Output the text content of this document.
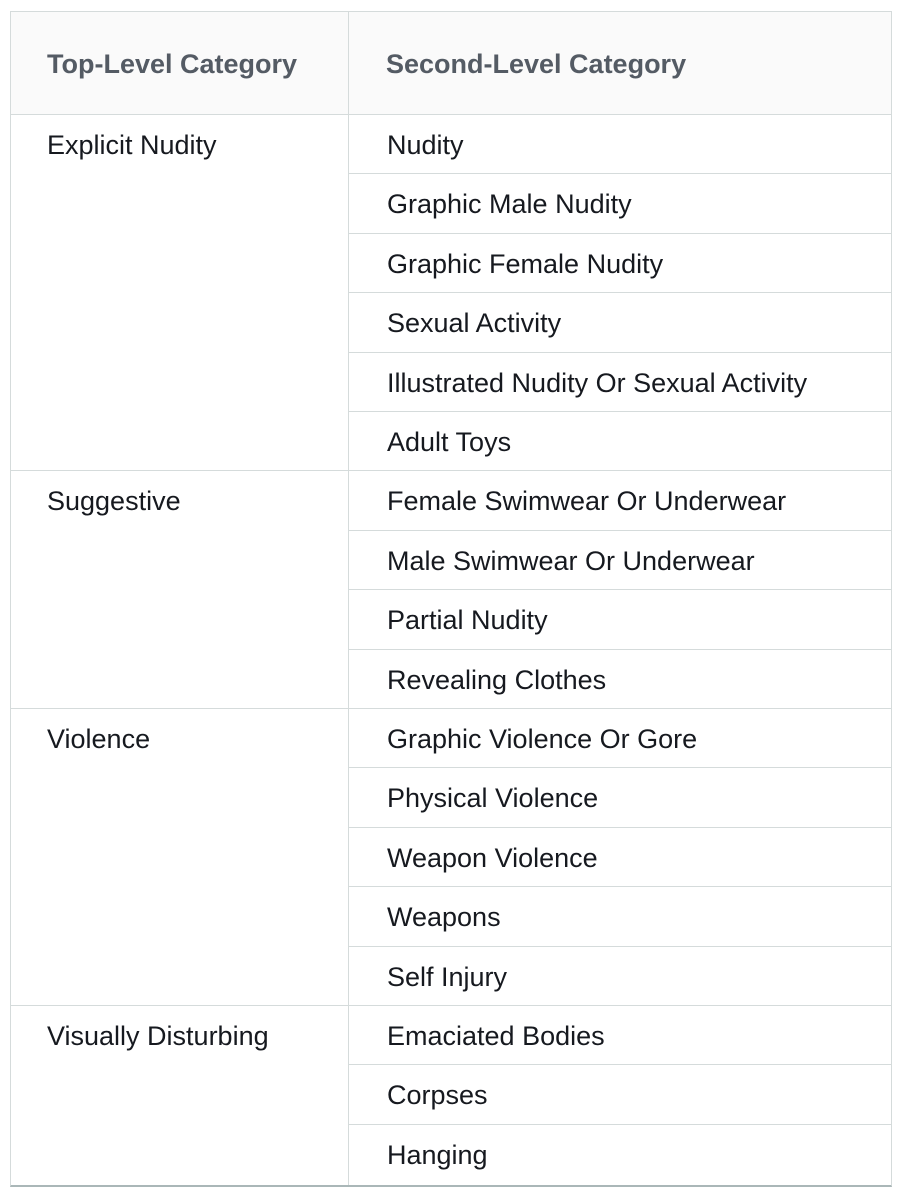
Top-Level Category	Second-Level Category
Explicit Nudity	Nudity
Graphic Male Nudity
Graphic Female Nudity
Sexual Activity
Illustrated Nudity Or Sexual Activity
Adult Toys
Suggestive	Female Swimwear Or Underwear
Male Swimwear Or Underwear
Partial Nudity
Revealing Clothes
Violence	Graphic Violence Or Gore
Physical Violence
Weapon Violence
Weapons
Self Injury
Visually Disturbing	Emaciated Bodies
Corpses
Hanging
